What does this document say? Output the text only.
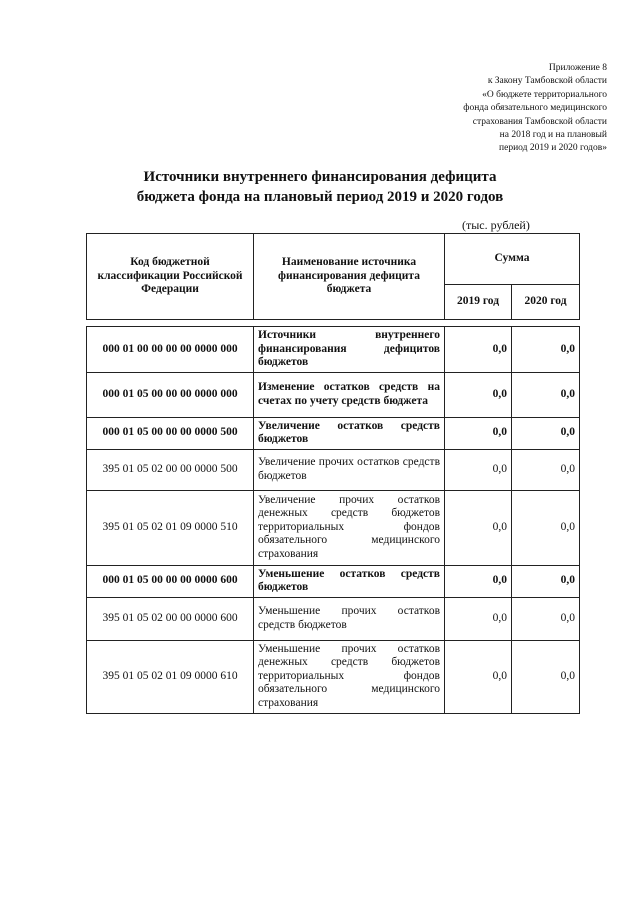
Приложение 8
к Закону Тамбовской области
«О бюджете территориального
фонда обязательного медицинского
страхования Тамбовской области
на 2018 год и на плановый
период 2019 и 2020 годов»
Источники внутреннего финансирования дефицита
бюджета фонда на плановый период 2019 и 2020 годов
(тыс. рублей)
Код бюджетной классификации Российской Федерации	Наименование источника финансирования дефицита бюджета	Сумма	
		2019 год	2020 год

000 01 00 00 00 00 0000 000	Источники внутреннего финансирования дефицитов бюджетов	0,0	0,0
000 01 05 00 00 00 0000 000	Изменение остатков средств на счетах по учету средств бюджета	0,0	0,0
000 01 05 00 00 00 0000 500	Увеличение остатков средств бюджетов	0,0	0,0
395 01 05 02 00 00 0000 500	Увеличение прочих остатков средств бюджетов	0,0	0,0
395 01 05 02 01 09 0000 510	Увеличение прочих остатков денежных средств бюджетов территориальных фондов обязательного медицинского страхования	0,0	0,0
000 01 05 00 00 00 0000 600	Уменьшение остатков средств бюджетов	0,0	0,0
395 01 05 02 00 00 0000 600	Уменьшение прочих остатков средств бюджетов	0,0	0,0
395 01 05 02 01 09 0000 610	Уменьшение прочих остатков денежных средств бюджетов территориальных фондов обязательного медицинского страхования	0,0	0,0
